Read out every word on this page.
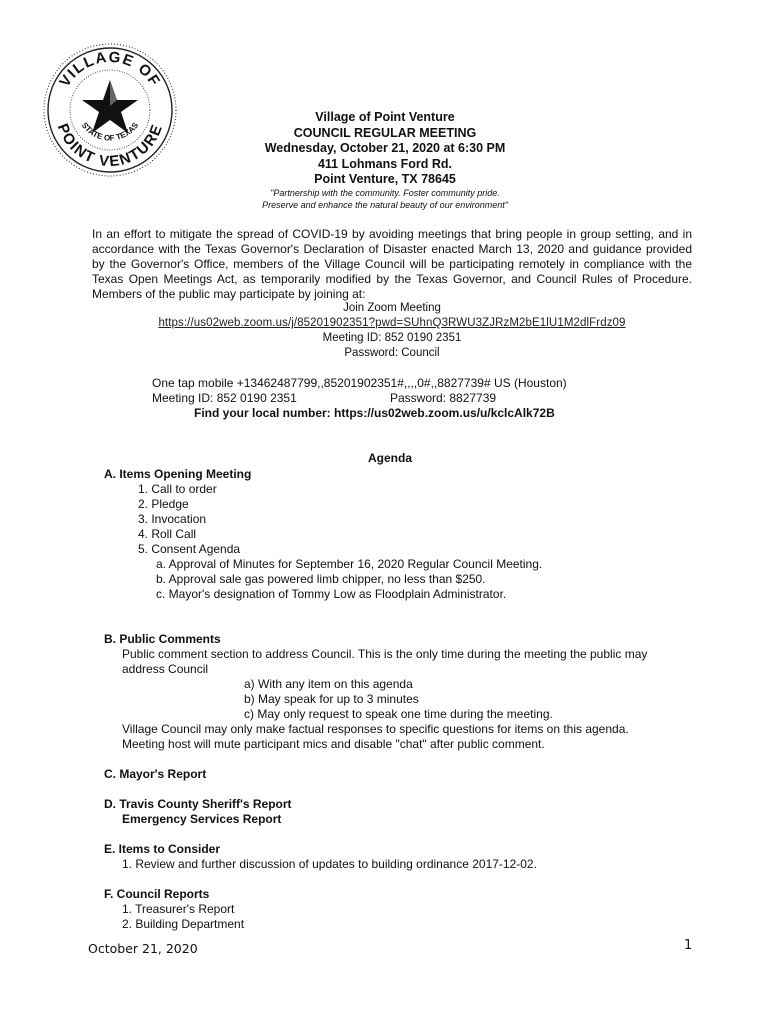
VILLAGE OF
POINT VENTURE
STATE OF TEXAS
Village of Point Venture
COUNCIL REGULAR MEETING
Wednesday, October 21, 2020 at 6:30 PM
411 Lohmans Ford Rd.
Point Venture, TX 78645
"Partnership with the community. Foster community pride.
Preserve and enhance the natural beauty of our environment"
In an effort to mitigate the spread of COVID-19 by avoiding meetings that bring people in group setting, and in accordance with the Texas Governor's Declaration of Disaster enacted March 13, 2020 and guidance provided by the Governor's Office, members of the Village Council will be participating remotely in compliance with the Texas Open Meetings Act, as temporarily modified by the Texas Governor, and Council Rules of Procedure. Members of the public may participate by joining at:
Join Zoom Meeting
https://us02web.zoom.us/j/85201902351?pwd=SUhnQ3RWU3ZJRzM2bE1lU1M2dlFrdz09
Meeting ID: 852 0190 2351
Password: Council
One tap mobile +13462487799,,85201902351#,,,,0#,,8827739# US (Houston)
Meeting ID: 852 0190 2351	Password: 8827739
Find your local number: https://us02web.zoom.us/u/kclcAlk72B
Agenda
A. Items Opening Meeting
1. Call to order
2. Pledge
3. Invocation
4. Roll Call
5. Consent Agenda
a. Approval of Minutes for September 16, 2020 Regular Council Meeting.
b. Approval sale gas powered limb chipper, no less than $250.
c. Mayor's designation of Tommy Low as Floodplain Administrator.
B. Public Comments
Public comment section to address Council. This is the only time during the meeting the public may
address Council
a) With any item on this agenda
b) May speak for up to 3 minutes
c) May only request to speak one time during the meeting.
Village Council may only make factual responses to specific questions for items on this agenda.
Meeting host will mute participant mics and disable "chat" after public comment.
C. Mayor's Report
D. Travis County Sheriff's Report
Emergency Services Report
E. Items to Consider
1. Review and further discussion of updates to building ordinance 2017-12-02.
F. Council Reports
1. Treasurer's Report
2. Building Department
October 21, 2020	1
